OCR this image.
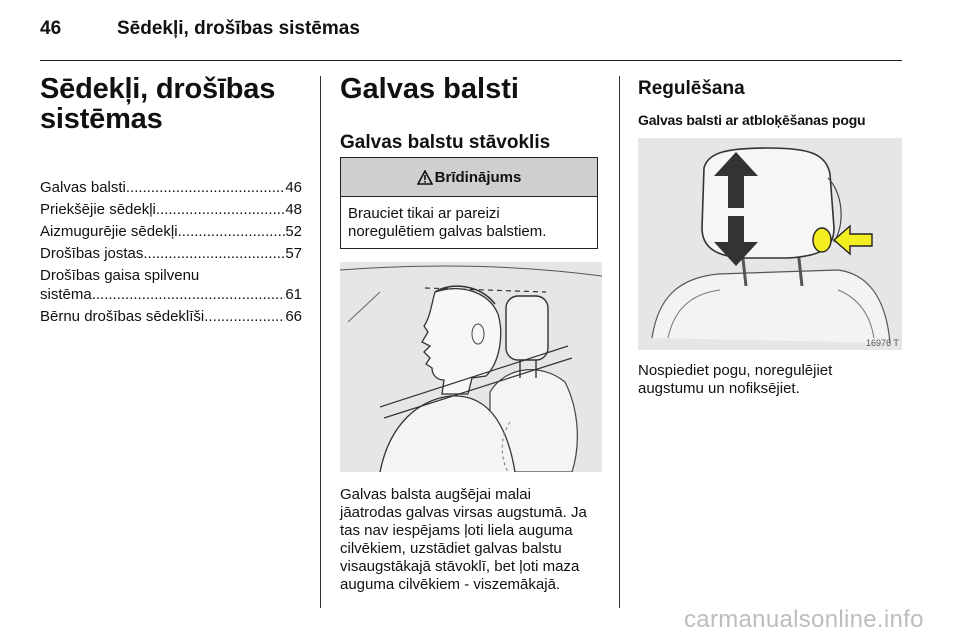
46	Sēdekļi, drošības sistēmas
Sēdekļi, drošības
sistēmas
Galvas balsti .....	46
Priekšējie sēdekļi .....	48
Aizmugurējie sēdekļi .....	52
Drošības jostas .....	57
Drošības gaisa spilvenu
sistēma .....	61
Bērnu drošības sēdeklīši .....	66
Galvas balsti
Galvas balstu stāvoklis
Brīdinājums
Brauciet tikai ar pareizi
noregulētiem galvas balstiem.
Galvas balsta augšējai malai
jāatrodas galvas virsas augstumā. Ja
tas nav iespējams ļoti liela auguma
cilvēkiem, uzstādiet galvas balstu
visaugstākajā stāvoklī, bet ļoti maza
auguma cilvēkiem - viszemākajā.
Regulēšana
Galvas balsti ar atbloķēšanas pogu
16976 T
Nospiediet pogu, noregulējiet
augstumu un nofiksējiet.
carmanualsonline.info
